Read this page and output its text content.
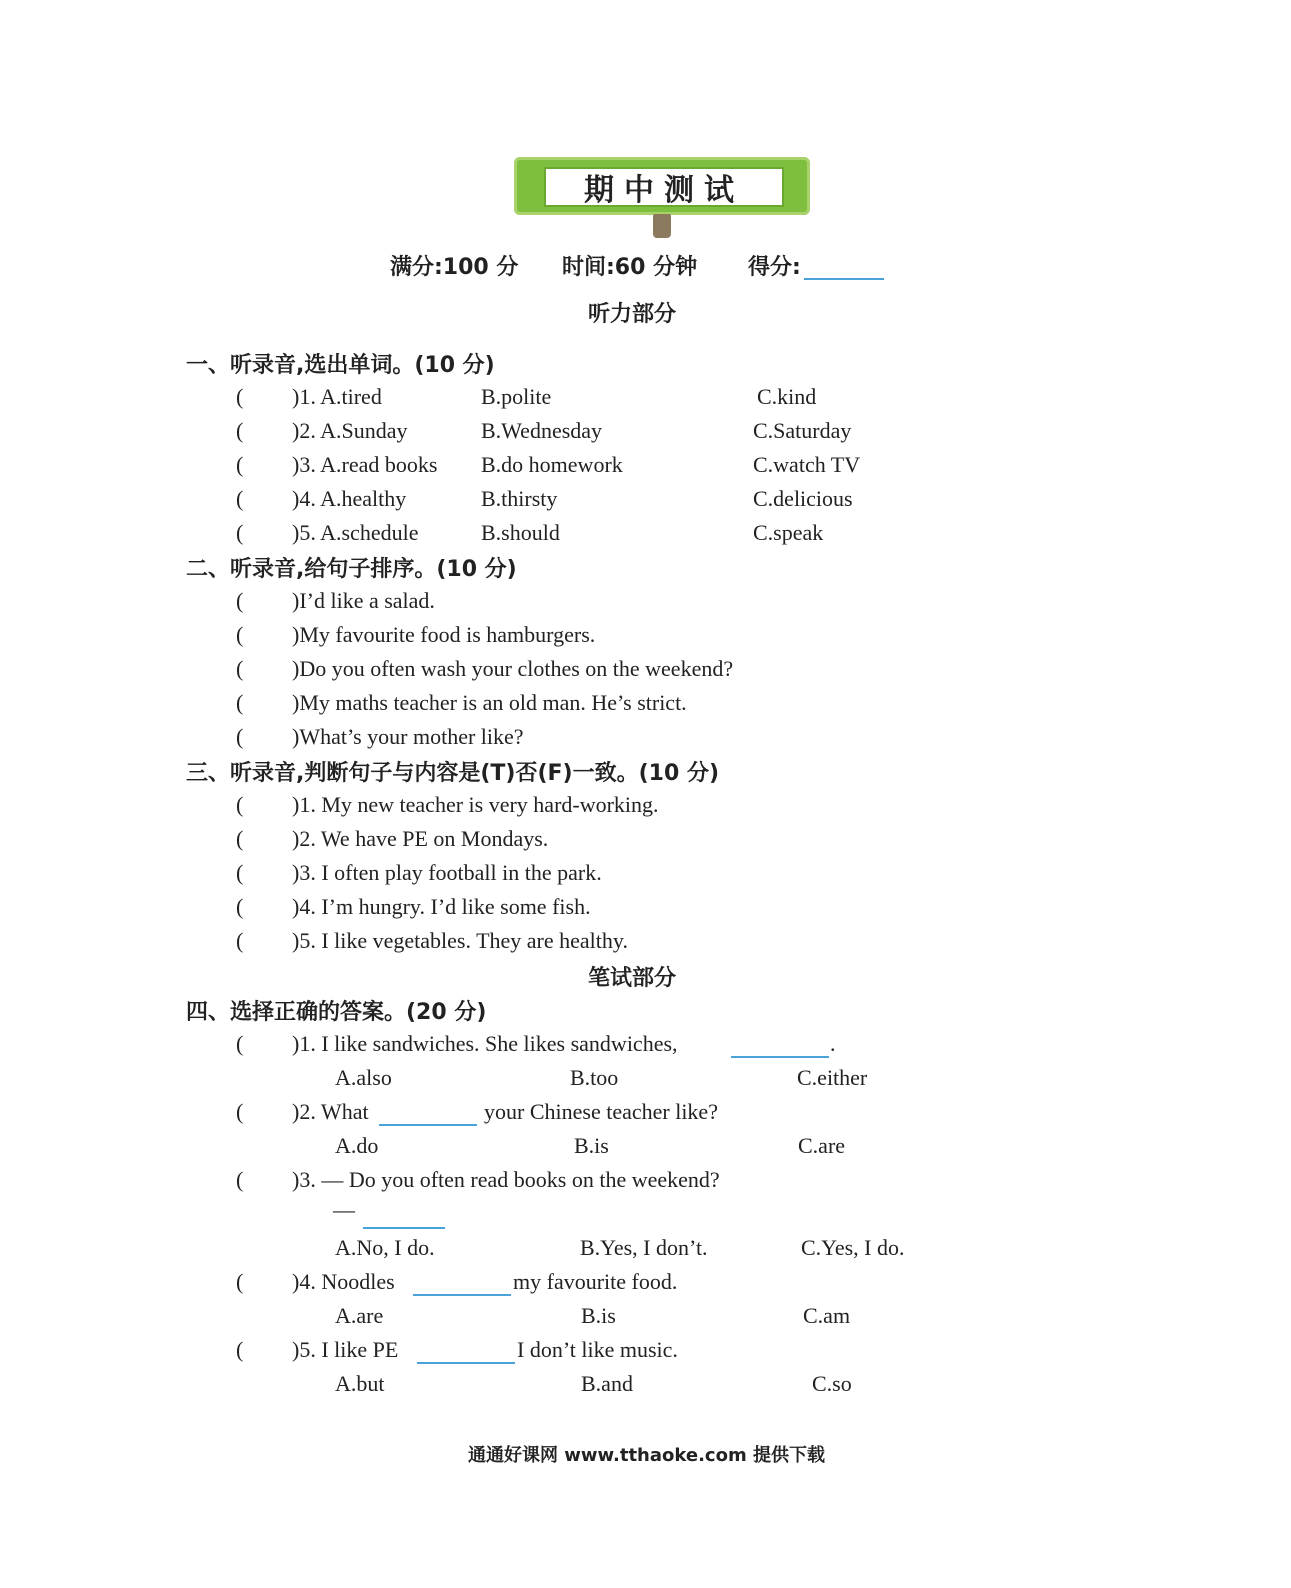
期中测试
满分:100 分 时间:60 分钟 得分:
听力部分
一、听录音,选出单词。(10 分)
( )1. A.tired	B.polite	C.kind
( )2. A.Sunday	B.Wednesday	C.Saturday
( )3. A.read books B.do homework	C.watch TV
( )4. A.healthy	B.thirsty	C.delicious
( )5. A.schedule	B.should	C.speak
二、听录音,给句子排序。(10 分)
( )I’d like a salad.
( )My favourite food is hamburgers.
( )Do you often wash your clothes on the weekend?
( )My maths teacher is an old man. He’s strict.
( )What’s your mother like?
三、听录音,判断句子与内容是(T)否(F)一致。(10 分)
( )1. My new teacher is very hard-working.
( )2. We have PE on Mondays.
( )3. I often play football in the park.
( )4. I’m hungry. I’d like some fish.
( )5. I like vegetables. They are healthy.
笔试部分
四、选择正确的答案。(20 分)
( )1. I like sandwiches. She likes sandwiches,	.
A.also	B.too	C.either
( )2. What	your Chinese teacher like?
A.do	B.is	C.are
( )3. — Do you often read books on the weekend?
—
A.No, I do.	B.Yes, I don’t.	C.Yes, I do.
( )4. Noodles	my favourite food.
A.are	B.is	C.am
( )5. I like PE	I don’t like music.
A.but	B.and	C.so
通通好课网 www.tthaoke.com 提供下载
